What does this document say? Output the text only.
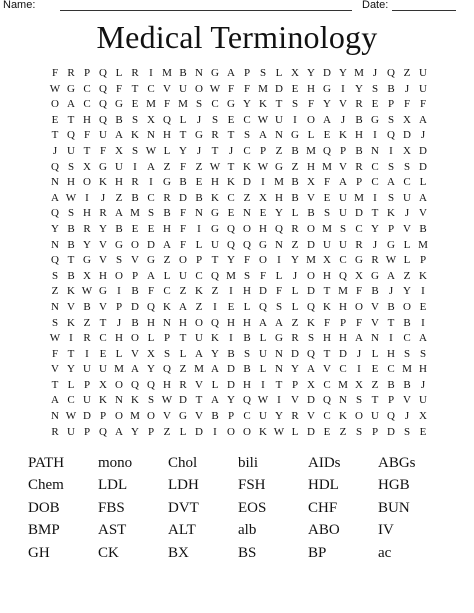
Name:	Date:
Medical Terminology
F R P Q L R I M B N G A P S L X Y D Y M J Q Z U
W G C Q F T C V U O W F F M D E H G I Y S B J U
O A C Q G E M F M S C G Y K T S F Y V R E P F F
E T H Q B S X Q L J S E C W U I O A J B G S X A
T Q F U A K N H T G R T S A N G L E K H I Q D J
J U T F X S W L Y J T J C P Z B M Q P B N I X D
Q S X G U I A Z F Z W T K W G Z H M V R C S S D
N H O K H R I G B E H K D I M B X F A P C A C L
A W I	J Z B C R D B K C Z X H B V E U M I	S U A
Q S H R A M S B F N G E N E Y L B S U D T K J V
Y B R Y B E E H F	I G Q O H Q R O M S C Y P V B
N B Y V G O D A F L U Q Q G N Z D U U R J G L M
Q T G V S V G Z O P T Y F O I Y M X C G R W L P
S B X H O P A L U C Q M S F L J O H Q X G A Z K
Z K W G I B F C Z K Z I H D F L D T M F B J Y I
N V B V P D Q K A Z I E L Q S L Q K H O V B O E
S K Z T J B H N H O Q H H A A Z K F P F V T B I
W I R C H O L P T U K I B L G R S H H A N I C A
F T I E L V X S L A Y B S U N D Q T D J L H S S
V Y U U M A Y Q Z M A D B L N Y A V C I E C M H
T L P X O Q Q H R V L D H I T P X C M X Z B B J
A C U K N K S W D T A Y Q W I V D Q N S T P V U
N W D P O M O V G V B P C U Y R V C K O U Q J X
R U P Q A Y P Z L D I O O K W L D E Z S P D S E
PATH	mono	Chol	bili	AIDs	ABGs
Chem	LDL	LDH	FSH	HDL	HGB
DOB	FBS	DVT	EOS	CHF	BUN
BMP	AST	ALT	alb	ABO	IV
GH	CK	BX	BS	BP	ac
